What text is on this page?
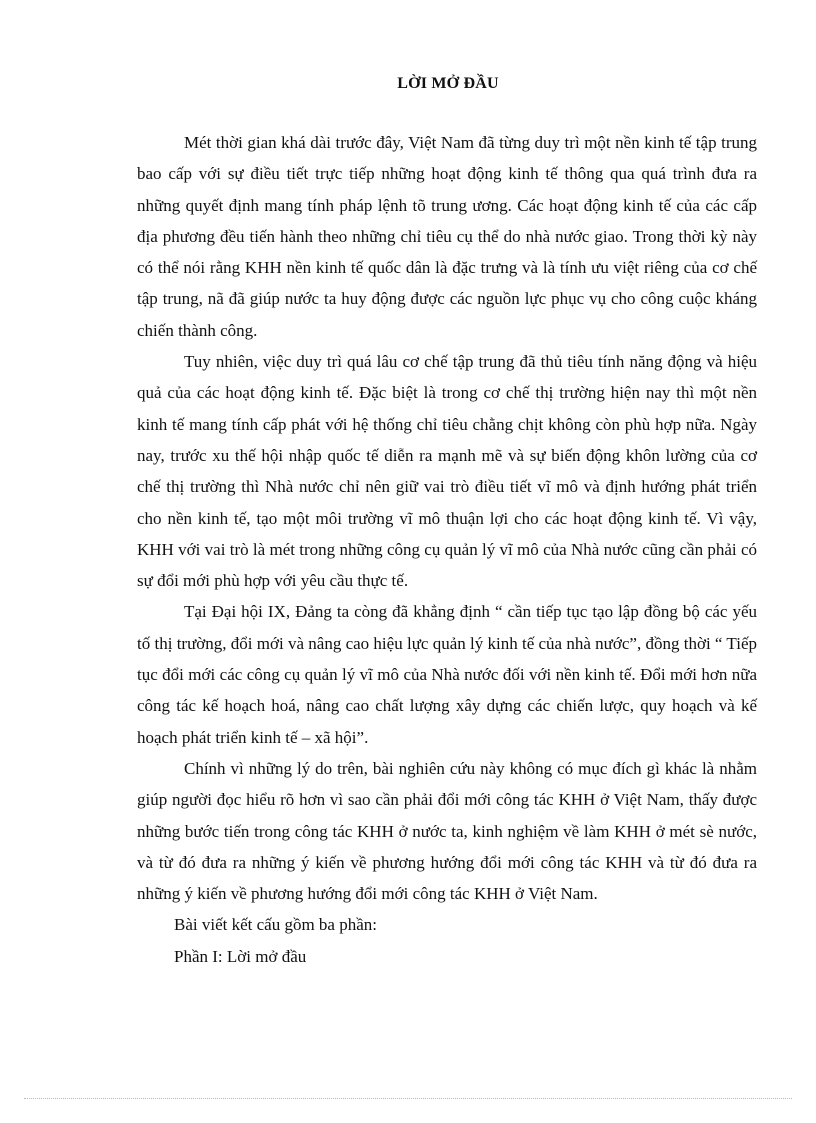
LỜI MỞ ĐẦU

Mét thời gian khá dài trước đây, Việt Nam đã từng duy trì một nền kinh tế tập trung bao cấp với sự điều tiết trực tiếp những hoạt động kinh tế thông qua quá trình đưa ra những quyết định mang tính pháp lệnh tõ trung ương. Các hoạt động kinh tế của các cấp địa phương đều tiến hành theo những chỉ tiêu cụ thể do nhà nước giao. Trong thời kỳ này có thể nói rằng KHH nền kinh tế quốc dân là đặc trưng và là tính ưu việt riêng của cơ chế tập trung, nã đã giúp nước ta huy động được các nguồn lực phục vụ cho công cuộc kháng chiến thành công.

Tuy nhiên, việc duy trì quá lâu cơ chế tập trung đã thủ tiêu tính năng động và hiệu quả của các hoạt động kinh tế. Đặc biệt là trong cơ chế thị trường hiện nay thì một nền kinh tế mang tính cấp phát với hệ thống chỉ tiêu chằng chịt không còn phù hợp nữa. Ngày nay, trước xu thế hội nhập quốc tế diễn ra mạnh mẽ và sự biến động khôn lường của cơ chế thị trường thì Nhà nước chỉ nên giữ vai trò điều tiết vĩ mô và định hướng phát triển cho nền kinh tế, tạo một môi trường vĩ mô thuận lợi cho các hoạt động kinh tế. Vì vậy, KHH với vai trò là mét trong những công cụ quản lý vĩ mô của Nhà nước cũng cần phải có sự đổi mới phù hợp với yêu cầu thực tế.

Tại Đại hội IX, Đảng ta còng đã khẳng định “ cần tiếp tục tạo lập đồng bộ các yếu tố thị trường, đổi mới và nâng cao hiệu lực quản lý kinh tế của nhà nước”, đồng thời “ Tiếp tục đổi mới các công cụ quản lý vĩ mô của Nhà nước đối với nền kinh tế. Đổi mới hơn nữa công tác kế hoạch hoá, nâng cao chất lượng xây dựng các chiến lược, quy hoạch và kế hoạch phát triển kinh tế – xã hội”.

Chính vì những lý do trên, bài nghiên cứu này không có mục đích gì khác là nhằm giúp người đọc hiểu rõ hơn vì sao cần phải đổi mới công tác KHH ở Việt Nam, thấy được những bước tiến trong công tác KHH ở nước ta, kinh nghiệm về làm KHH ở mét sè nước, và từ đó đưa ra những ý kiến về phương hướng đổi mới công tác KHH và từ đó đưa ra những ý kiến về phương hướng đổi mới công tác KHH ở Việt Nam.

Bài viết kết cấu gồm ba phần:

Phần I: Lời mở đầu
